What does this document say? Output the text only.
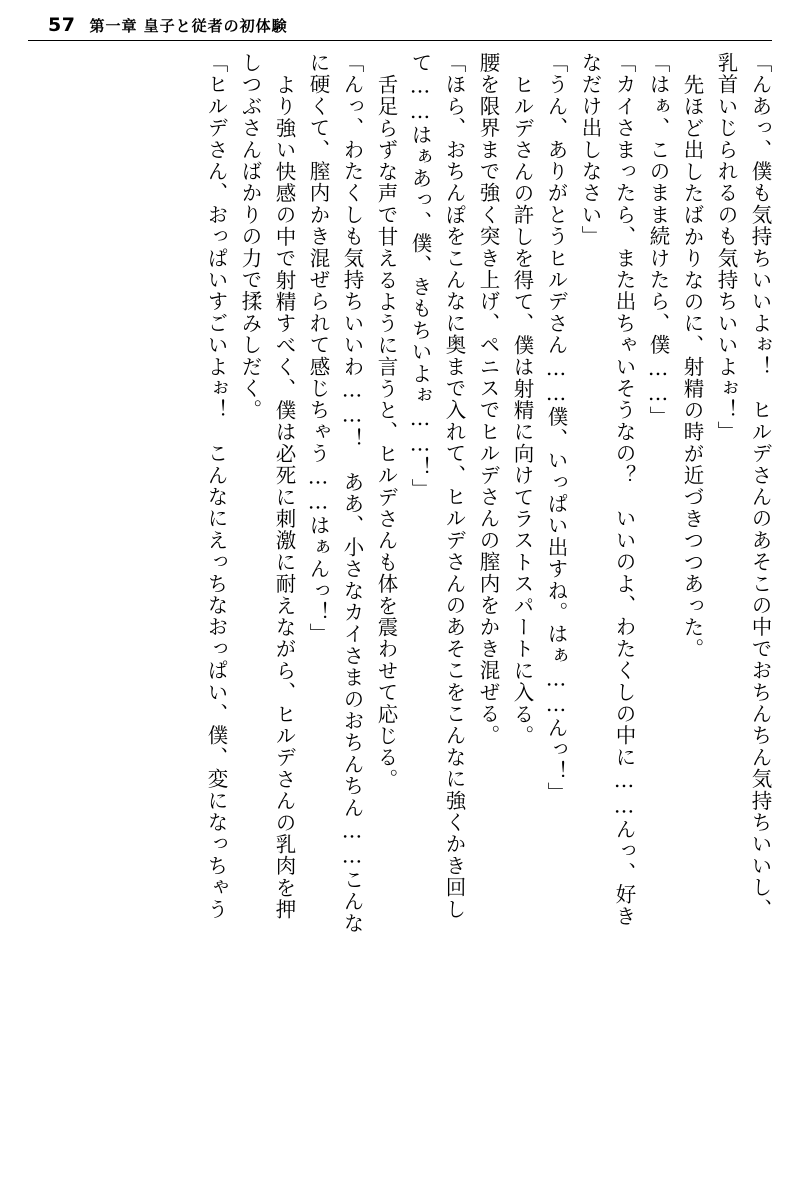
57 第一章 皇子と従者の初体験
「んあっ、僕も気持ちいいよぉ！　ヒルデさんのあそこの中でおちんちん気持ちいいし、
乳首いじられるのも気持ちいいよぉ！」
先ほど出したばかりなのに、射精の時が近づきつつあった。
「はぁ、このまま続けたら、僕……」
「カイさまったら、また出ちゃいそうなの？　いいのよ、わたくしの中に……んっ、好き
なだけ出しなさい」
「うん、ありがとうヒルデさん……僕、いっぱい出すね。はぁ……んっ！」
ヒルデさんの許しを得て、僕は射精に向けてラストスパートに入る。
腰を限界まで強く突き上げ、ペニスでヒルデさんの膣内をかき混ぜる。
「ほら、おちんぽをこんなに奥まで入れて、ヒルデさんのあそこをこんなに強くかき回し
て……はぁあっ、僕、きもちいよぉ……！」
舌足らずな声で甘えるように言うと、ヒルデさんも体を震わせて応じる。
「んっ、わたくしも気持ちいいわ……！　ああ、小さなカイさまのおちんちん……こんな
に硬くて、膣内かき混ぜられて感じちゃう……はぁんっ！」
より強い快感の中で射精すべく、僕は必死に刺激に耐えながら、ヒルデさんの乳肉を押
しつぶさんばかりの力で揉みしだく。
「ヒルデさん、おっぱいすごいよぉ！　こんなにえっちなおっぱい、僕、変になっちゃう
